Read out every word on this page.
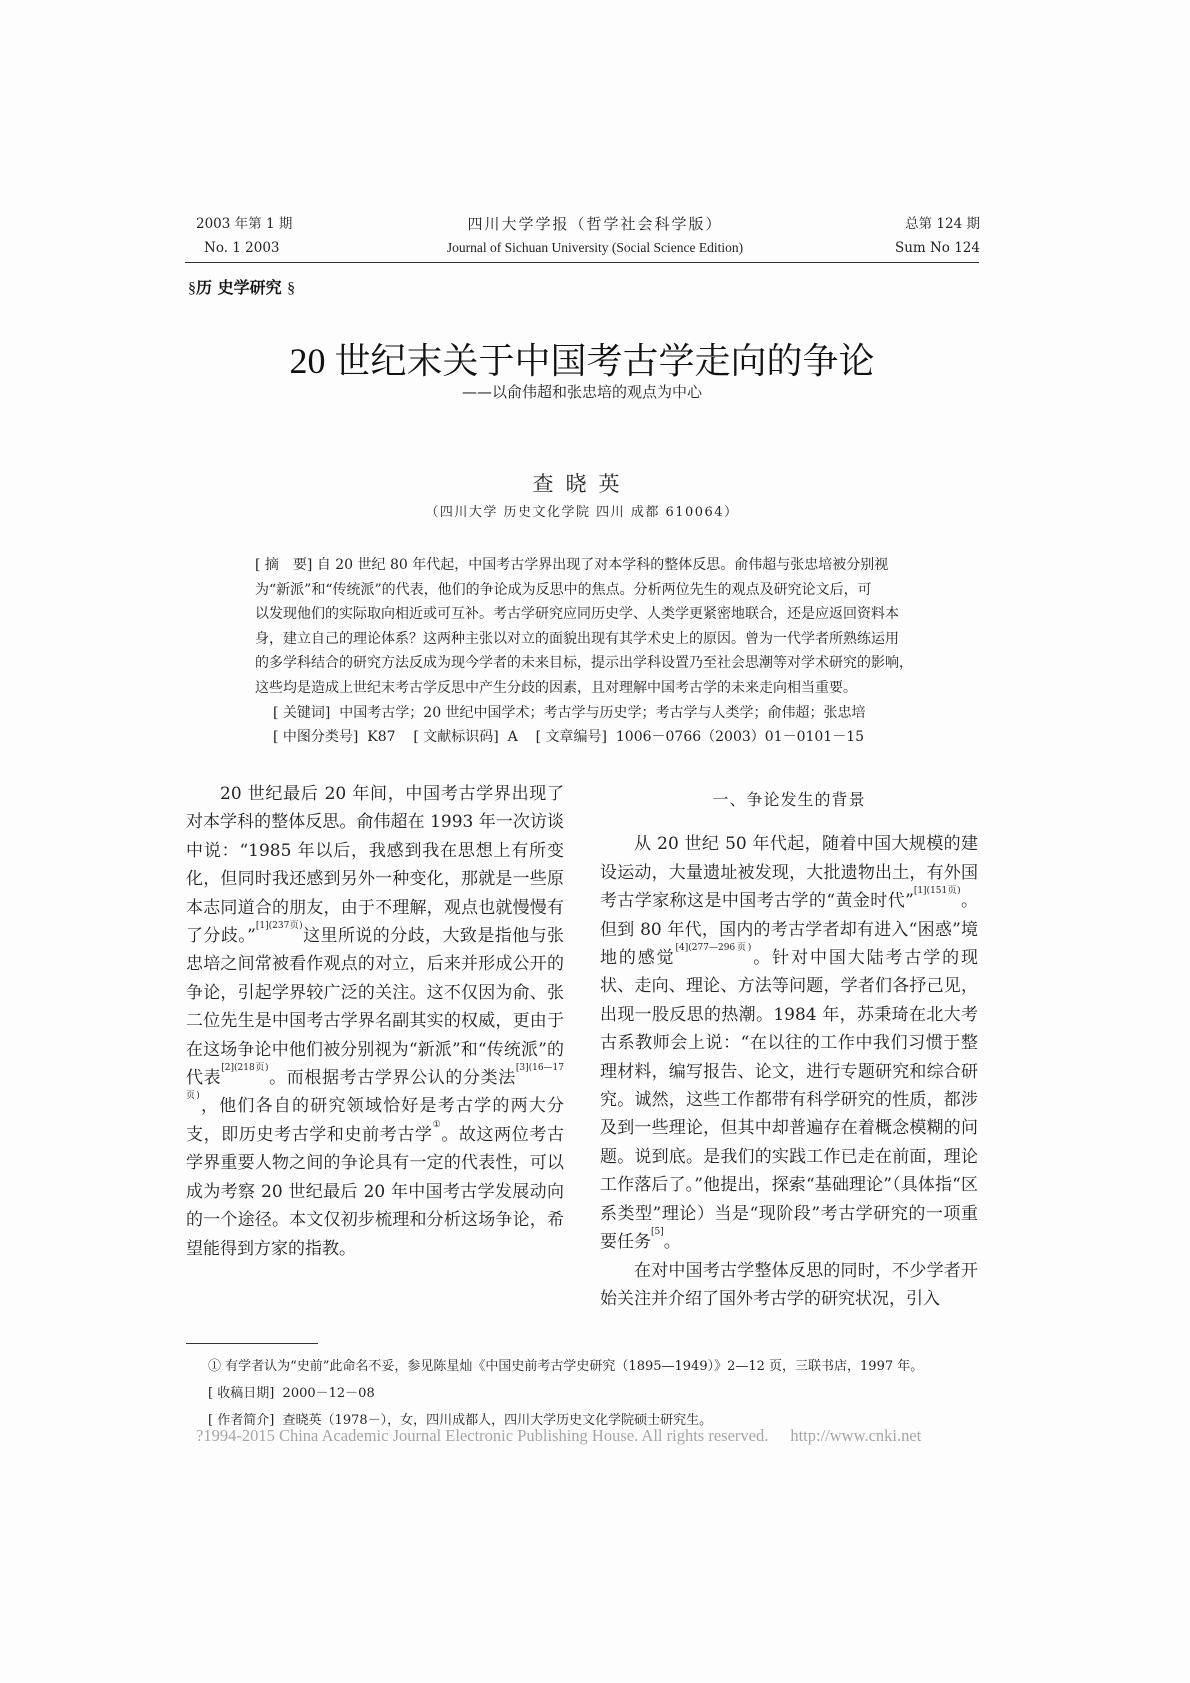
2003 年第 1 期
No. 1 2003
四川大学学报（哲学社会科学版）
Journal of Sichuan University (Social Science Edition)
总第 124 期
Sum No 124
§历 史学研究 §
20 世纪末关于中国考古学走向的争论
——以俞伟超和张忠培的观点为中心
查晓英
（四川大学 历史文化学院 四川 成都 610064）
[ 摘　要] 自 20 世纪 80 年代起，中国考古学界出现了对本学科的整体反思。俞伟超与张忠培被分别视
为“新派”和“传统派”的代表，他们的争论成为反思中的焦点。分析两位先生的观点及研究论文后，可
以发现他们的实际取向相近或可互补。考古学研究应同历史学、人类学更紧密地联合，还是应返回资料本
身，建立自己的理论体系？这两种主张以对立的面貌出现有其学术史上的原因。曾为一代学者所熟练运用
的多学科结合的研究方法反成为现今学者的未来目标，提示出学科设置乃至社会思潮等对学术研究的影响，
这些均是造成上世纪末考古学反思中产生分歧的因素，且对理解中国考古学的未来走向相当重要。
[ 关键词] 中国考古学；20 世纪中国学术；考古学与历史学；考古学与人类学；俞伟超；张忠培
[ 中图分类号] K87 [ 文献标识码] A [ 文章编号] 1006－0766（2003）01－0101－15

20 世纪最后 20 年间，中国考古学界出现了对本学科的整体反思。俞伟超在 1993 年一次访谈中说：“1985 年以后，我感到我在思想上有所变化，但同时我还感到另外一种变化，那就是一些原本志同道合的朋友，由于不理解，观点也就慢慢有了分歧。”$^{[1](237页)}$这里所说的分歧，大致是指他与张忠培之间常被看作观点的对立，后来并形成公开的争论，引起学界较广泛的关注。这不仅因为俞、张二位先生是中国考古学界名副其实的权威，更由于在这场争论中他们被分别视为“新派”和“传统派”的代表$^{[2](218页)}$。而根据考古学界公认的分类法$^{[3](16—17页)}$，他们各自的研究领域恰好是考古学的两大分支，即历史考古学和史前考古学①。故这两位考古学界重要人物之间的争论具有一定的代表性，可以成为考察 20 世纪最后 20 年中国考古学发展动向的一个途径。本文仅初步梳理和分析这场争论，希望能得到方家的指教。

一、争论发生的背景

从 20 世纪 50 年代起，随着中国大规模的建设运动，大量遗址被发现，大批遗物出土，有外国考古学家称这是中国考古学的“黄金时代”$^{[1](151页)}$。但到 80 年代，国内的考古学者却有进入“困惑”境地的感觉$^{[4](277—296页)}$。针对中国大陆考古学的现状、走向、理论、方法等问题，学者们各抒己见，出现一股反思的热潮。1984 年，苏秉琦在北大考古系教师会上说：“在以往的工作中我们习惯于整理材料，编写报告、论文，进行专题研究和综合研究。诚然，这些工作都带有科学研究的性质，都涉及到一些理论，但其中却普遍存在着概念模糊的问题。说到底。是我们的实践工作已走在前面，理论工作落后了。”他提出，探索“基础理论”（具体指“区系类型”理论）当是“现阶段”考古学研究的一项重要任务[5]。

在对中国考古学整体反思的同时，不少学者开始关注并介绍了国外考古学的研究状况，引入

① 有学者认为“史前”此命名不妥，参见陈星灿《中国史前考古学史研究（1895—1949）》2—12 页，三联书店，1997 年。
[ 收稿日期] 2000－12－08
[ 作者简介] 查晓英（1978－），女，四川成都人，四川大学历史文化学院硕士研究生。
?1994-2015 China Academic Journal Electronic Publishing House. All rights reserved. http://www.cnki.net
